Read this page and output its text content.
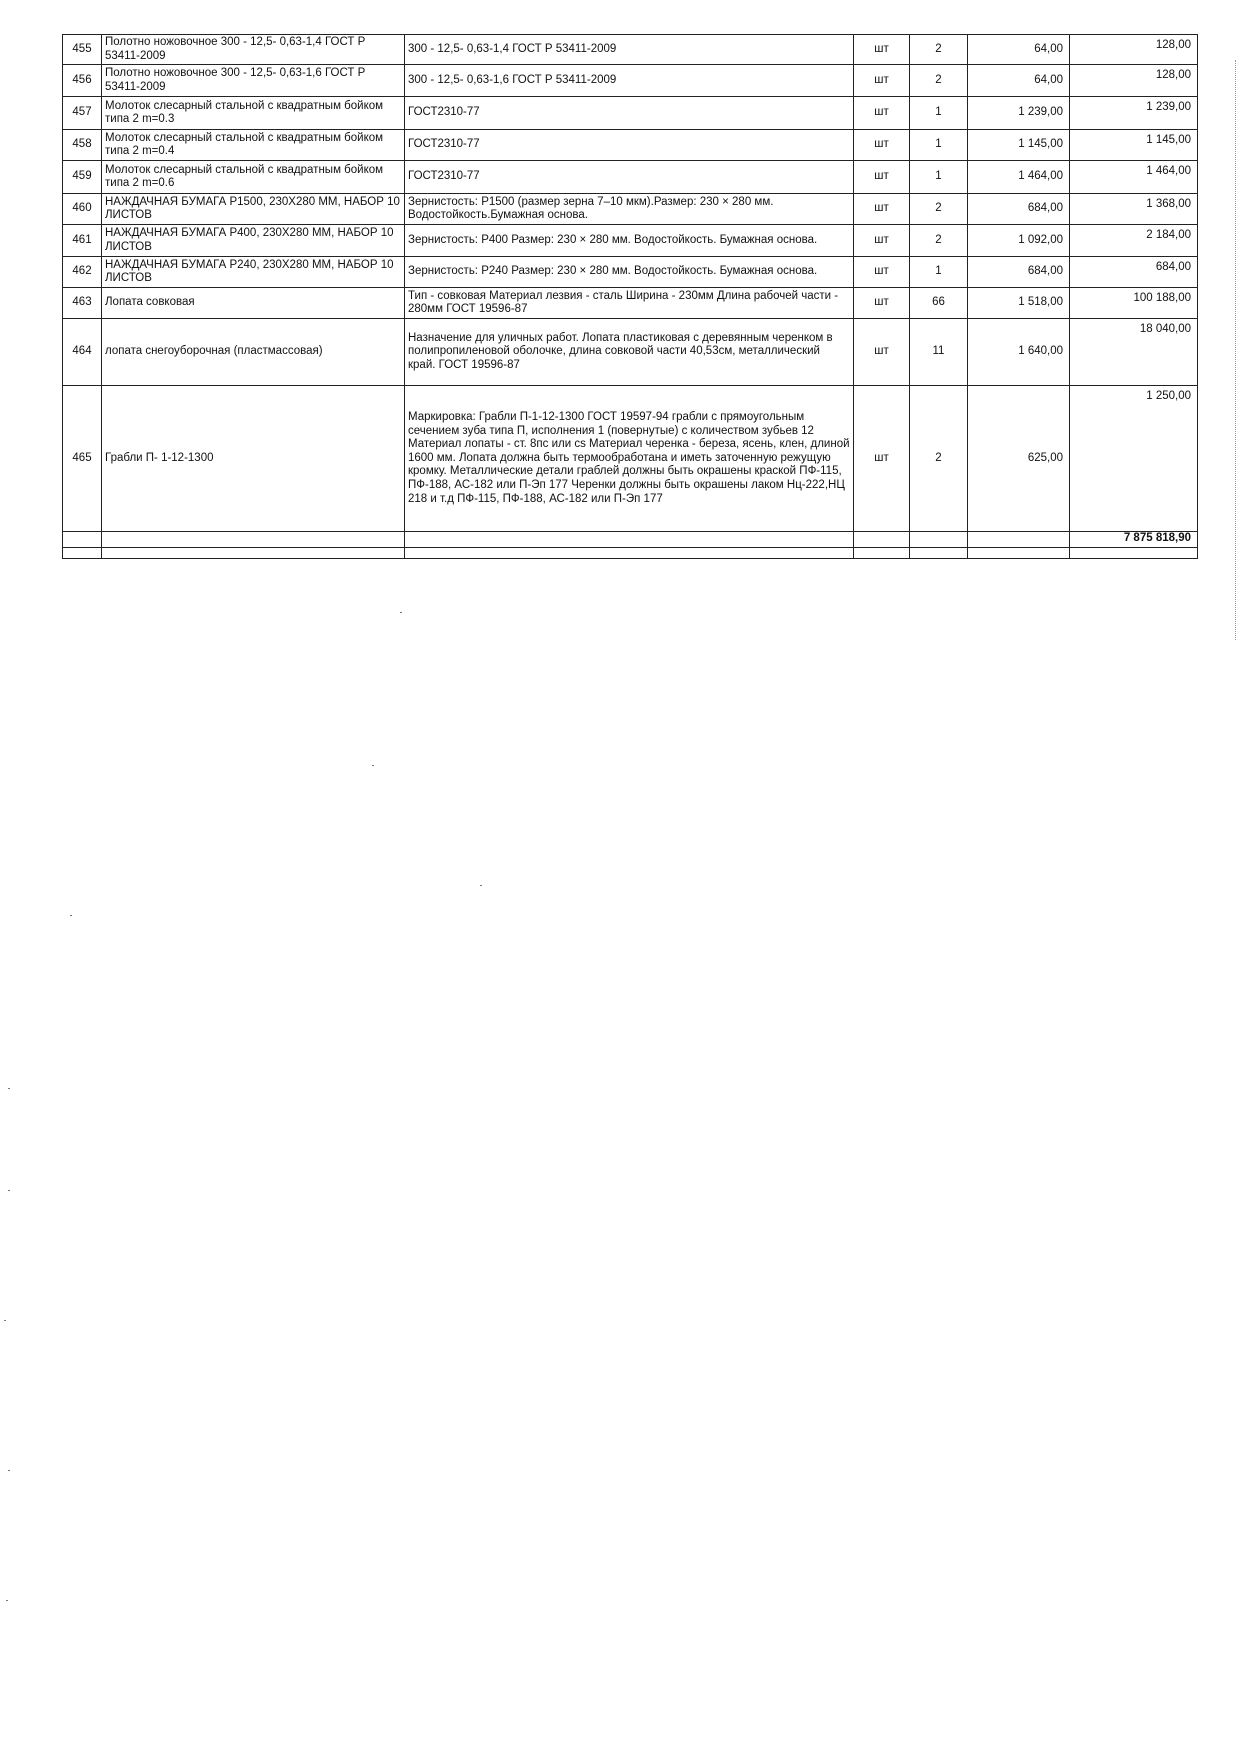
455	Полотно ножовочное 300 - 12,5- 0,63-1,4 ГОСТ Р 53411-2009	300 - 12,5- 0,63-1,4 ГОСТ Р 53411-2009	шт	2	64,00	128,00
456	Полотно ножовочное 300 - 12,5- 0,63-1,6 ГОСТ Р 53411-2009	300 - 12,5- 0,63-1,6 ГОСТ Р 53411-2009	шт	2	64,00	128,00
457	Молоток слесарный стальной с квадратным бойком типа 2 m=0.3	ГОСТ2310-77	шт	1	1 239,00	1 239,00
458	Молоток слесарный стальной с квадратным бойком типа 2 m=0.4	ГОСТ2310-77	шт	1	1 145,00	1 145,00
459	Молоток слесарный стальной с квадратным бойком типа 2 m=0.6	ГОСТ2310-77	шт	1	1 464,00	1 464,00
460	НАЖДАЧНАЯ БУМАГА Р1500, 230X280 ММ, НАБОР 10 ЛИСТОВ	Зернистость: Р1500 (размер зерна 7–10 мкм).Размер: 230 × 280 мм. Водостойкость.Бумажная основа.	шт	2	684,00	1 368,00
461	НАЖДАЧНАЯ БУМАГА Р400, 230X280 ММ, НАБОР 10 ЛИСТОВ	Зернистость: Р400 Размер: 230 × 280 мм. Водостойкость. Бумажная основа.	шт	2	1 092,00	2 184,00
462	НАЖДАЧНАЯ БУМАГА Р240, 230X280 ММ, НАБОР 10 ЛИСТОВ	Зернистость: Р240 Размер: 230 × 280 мм. Водостойкость. Бумажная основа.	шт	1	684,00	684,00
463	Лопата совковая	Тип - совковая Материал лезвия - сталь Ширина - 230мм Длина рабочей части - 280мм ГОСТ 19596-87	шт	66	1 518,00	100 188,00
464	лопата снегоуборочная (пластмассовая)	Назначение для уличных работ. Лопата пластиковая с деревянным черенком в полипропиленовой оболочке, длина совковой части 40,53см, металлический край. ГОСТ 19596-87	шт	11	1 640,00	18 040,00
465	Грабли П- 1-12-1300	Маркировка: Грабли П-1-12-1300 ГОСТ 19597-94 грабли с прямоугольным сечением зуба типа П, исполнения 1 (повернутые) с количеством зубьев 12 Материал лопаты - ст. 8пс или сs Материал черенка - береза, ясень, клен, длиной 1600 мм. Лопата должна быть термообработана и иметь заточенную режущую кромку. Металлические детали граблей должны быть окрашены краской ПФ-115, ПФ-188, АС-182 или П-Эп 177 Черенки должны быть окрашены лаком Нц-222,НЦ 218 и т.д ПФ-115, ПФ-188, АС-182 или П-Эп 177	шт	2	625,00	1 250,00
						7 875 818,90
